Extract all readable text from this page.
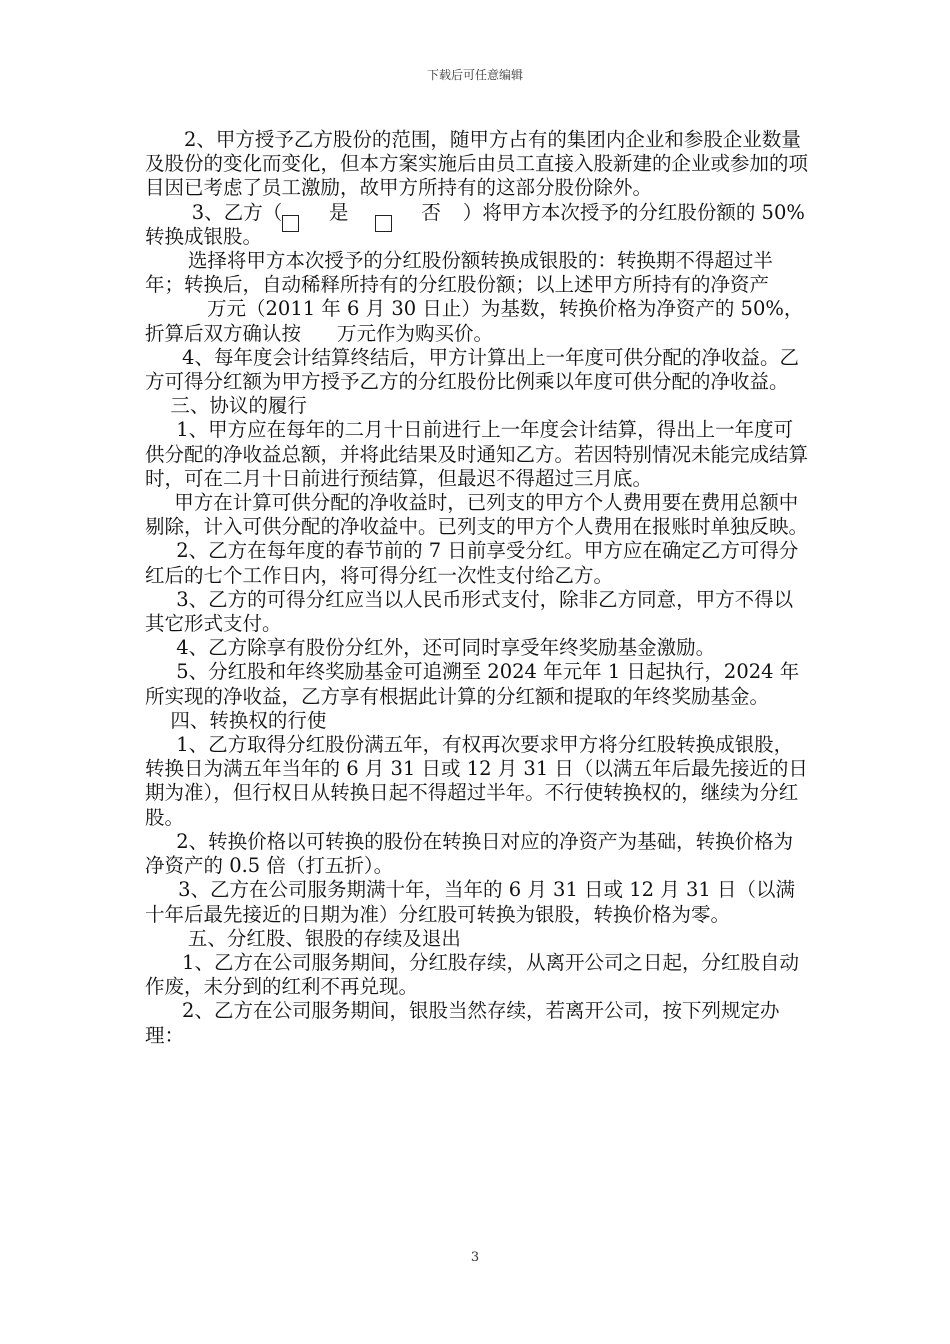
下载后可任意编辑

2、甲方授予乙方股份的范围，随甲方占有的集团内企业和参股企业数量及股份的变化而变化，但本方案实施后由员工直接入股新建的企业或参加的项目因已考虑了员工激励，故甲方所持有的这部分股份除外。

3、乙方（ 是	否 ）将甲方本次授予的分红股份额的 50%转换成银股。

选择将甲方本次授予的分红股份额转换成银股的：转换期不得超过半年；转换后，自动稀释所持有的分红股份额；以上述甲方所持有的净资产万元（2011 年 6 月 30 日止）为基数，转换价格为净资产的 50%，折算后双方确认按 万元作为购买价。

4、每年度会计结算终结后，甲方计算出上一年度可供分配的净收益。乙方可得分红额为甲方授予乙方的分红股份比例乘以年度可供分配的净收益。

三、协议的履行

1、甲方应在每年的二月十日前进行上一年度会计结算，得出上一年度可供分配的净收益总额，并将此结果及时通知乙方。若因特别情况未能完成结算时，可在二月十日前进行预结算，但最迟不得超过三月底。

甲方在计算可供分配的净收益时，已列支的甲方个人费用要在费用总额中剔除，计入可供分配的净收益中。已列支的甲方个人费用在报账时单独反映。

2、乙方在每年度的春节前的 7 日前享受分红。甲方应在确定乙方可得分红后的七个工作日内，将可得分红一次性支付给乙方。

3、乙方的可得分红应当以人民币形式支付，除非乙方同意，甲方不得以其它形式支付。

4、乙方除享有股份分红外，还可同时享受年终奖励基金激励。

5、分红股和年终奖励基金可追溯至 2024 年元年 1 日起执行，2024 年所实现的净收益，乙方享有根据此计算的分红额和提取的年终奖励基金。

四、转换权的行使

1、乙方取得分红股份满五年，有权再次要求甲方将分红股转换成银股，转换日为满五年当年的 6 月 31 日或 12 月 31 日（以满五年后最先接近的日期为准），但行权日从转换日起不得超过半年。不行使转换权的，继续为分红股。

2、转换价格以可转换的股份在转换日对应的净资产为基础，转换价格为净资产的 0.5 倍（打五折）。

3、乙方在公司服务期满十年，当年的 6 月 31 日或 12 月 31 日（以满十年后最先接近的日期为准）分红股可转换为银股，转换价格为零。

五、分红股、银股的存续及退出

1、乙方在公司服务期间，分红股存续，从离开公司之日起，分红股自动作废，未分到的红利不再兑现。

2、乙方在公司服务期间，银股当然存续，若离开公司，按下列规定办理：

3
